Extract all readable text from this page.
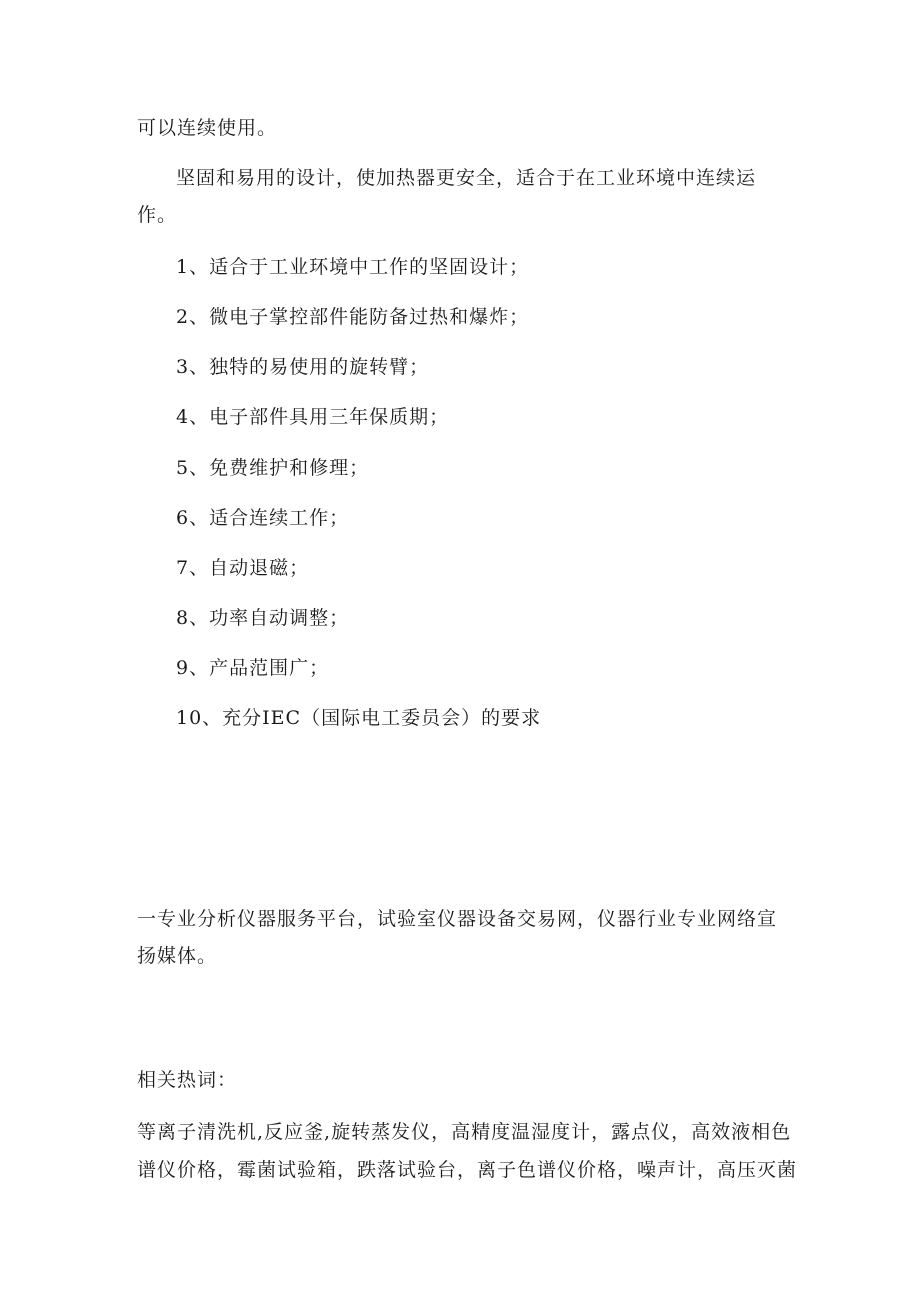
可以连续使用。
坚固和易用的设计，使加热器更安全，适合于在工业环境中连续运
作。
1、适合于工业环境中工作的坚固设计；
2、微电子掌控部件能防备过热和爆炸；
3、独特的易使用的旋转臂；
4、电子部件具用三年保质期；
5、免费维护和修理；
6、适合连续工作；
7、自动退磁；
8、功率自动调整；
9、产品范围广；
10、充分IEC（国际电工委员会）的要求
一专业分析仪器服务平台，试验室仪器设备交易网，仪器行业专业网络宣
扬媒体。
相关热词：
等离子清洗机,反应釜,旋转蒸发仪，高精度温湿度计，露点仪，高效液相色
谱仪价格，霉菌试验箱，跌落试验台，离子色谱仪价格，噪声计，高压灭菌
